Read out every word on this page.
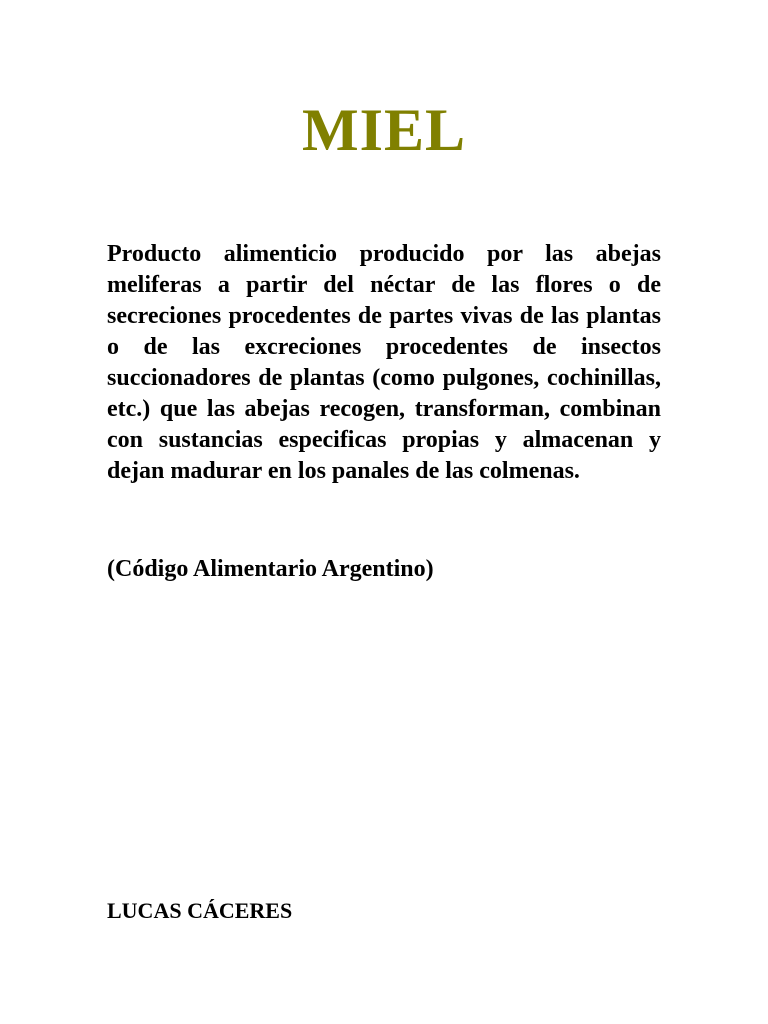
MIEL

Producto alimenticio producido por las abejas meliferas a partir del néctar de las flores o de secreciones procedentes de partes vivas de las plantas o de las excreciones procedentes de insectos succionadores de plantas (como pulgones, cochinillas, etc.) que las abejas recogen, transforman, combinan con sustancias especificas propias y almacenan y dejan madurar en los panales de las colmenas.

(Código Alimentario Argentino)

LUCAS CÁCERES
